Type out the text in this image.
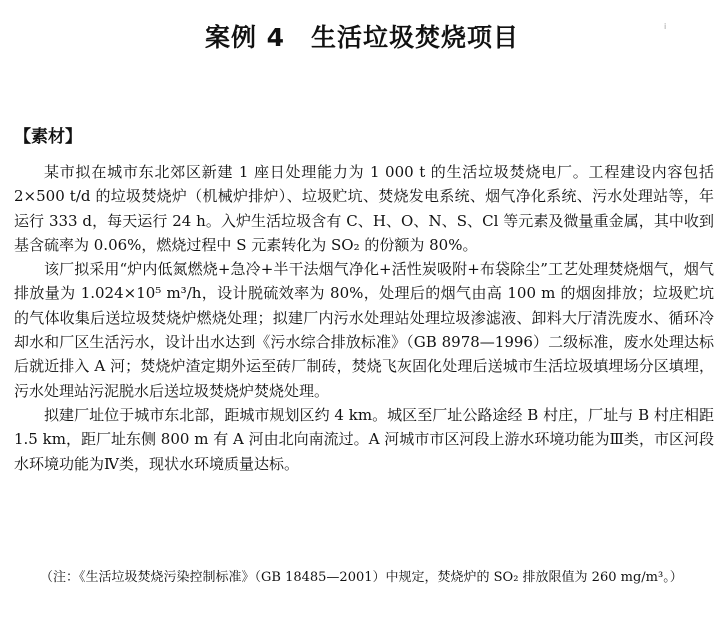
案例 4　生活垃圾焚烧项目	i
【素材】

某市拟在城市东北郊区新建 1 座日处理能力为 1 000 t 的生活垃圾焚烧电厂。工程建设内容包括 2×500 t/d 的垃圾焚烧炉（机械炉排炉）、垃圾贮坑、焚烧发电系统、烟气净化系统、污水处理站等，年运行 333 d，每天运行 24 h。入炉生活垃圾含有 C、H、O、N、S、Cl 等元素及微量重金属，其中收到基含硫率为 0.06%，燃烧过程中 S 元素转化为 SO₂ 的份额为 80%。

该厂拟采用“炉内低氮燃烧+急冷+半干法烟气净化+活性炭吸附+布袋除尘”工艺处理焚烧烟气，烟气排放量为 1.024×10⁵ m³/h，设计脱硫效率为 80%，处理后的烟气由高 100 m 的烟囱排放；垃圾贮坑的气体收集后送垃圾焚烧炉燃烧处理；拟建厂内污水处理站处理垃圾渗滤液、卸料大厅清洗废水、循环冷却水和厂区生活污水，设计出水达到《污水综合排放标准》（GB 8978—1996）二级标准，废水处理达标后就近排入 A 河；焚烧炉渣定期外运至砖厂制砖，焚烧飞灰固化处理后送城市生活垃圾填埋场分区填埋，污水处理站污泥脱水后送垃圾焚烧炉焚烧处理。

拟建厂址位于城市东北部，距城市规划区约 4 km。城区至厂址公路途经 B 村庄，厂址与 B 村庄相距 1.5 km，距厂址东侧 800 m 有 A 河由北向南流过。A 河城市市区河段上游水环境功能为Ⅲ类，市区河段水环境功能为Ⅳ类，现状水环境质量达标。

（注：《生活垃圾焚烧污染控制标准》（GB 18485—2001）中规定，焚烧炉的 SO₂ 排放限值为 260 mg/m³。）
